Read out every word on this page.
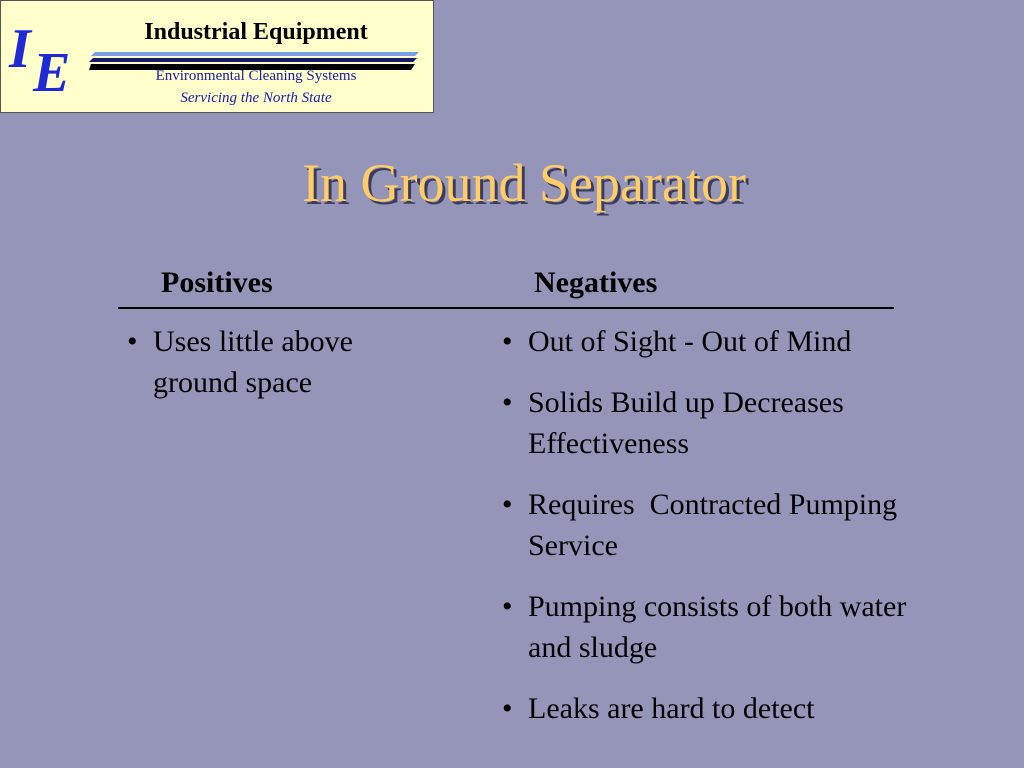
I E
Industrial Equipment
Environmental Cleaning Systems
Servicing the North State
In Ground Separator
Positives	Negatives
• Uses little above ground space
• Out of Sight - Out of Mind
• Solids Build up Decreases Effectiveness
• Requires  Contracted Pumping Service
• Pumping consists of both water and sludge
• Leaks are hard to detect
